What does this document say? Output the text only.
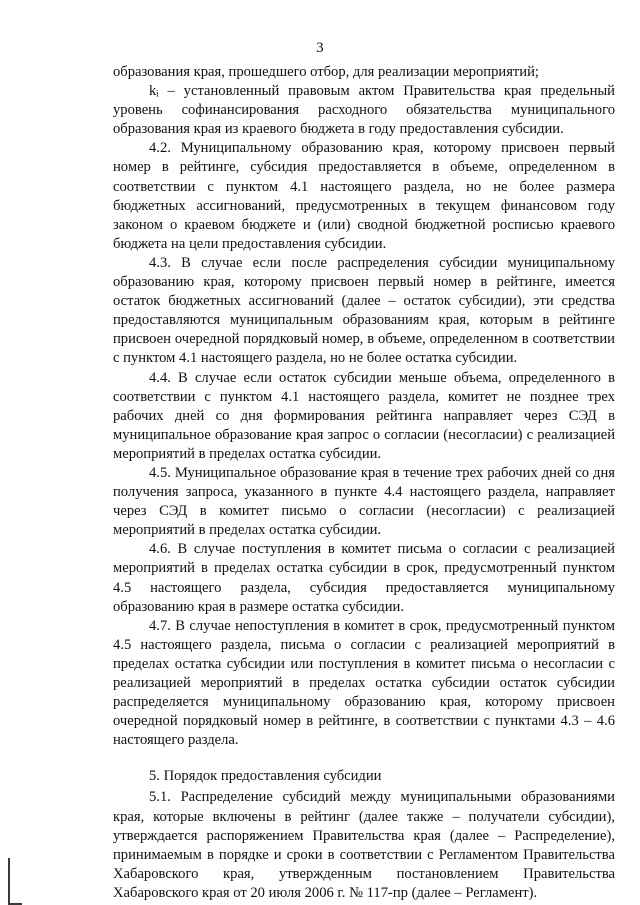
3

образования края, прошедшего отбор, для реализации мероприятий;

kᵢ – установленный правовым актом Правительства края предельный уровень софинансирования расходного обязательства муниципального образования края из краевого бюджета в году предоставления субсидии.

4.2. Муниципальному образованию края, которому присвоен первый номер в рейтинге, субсидия предоставляется в объеме, определенном в соответствии с пунктом 4.1 настоящего раздела, но не более размера бюджетных ассигнований, предусмотренных в текущем финансовом году законом о краевом бюджете и (или) сводной бюджетной росписью краевого бюджета на цели предоставления субсидии.

4.3. В случае если после распределения субсидии муниципальному образованию края, которому присвоен первый номер в рейтинге, имеется остаток бюджетных ассигнований (далее – остаток субсидии), эти средства предоставляются муниципальным образованиям края, которым в рейтинге присвоен очередной порядковый номер, в объеме, определенном в соответствии с пунктом 4.1 настоящего раздела, но не более остатка субсидии.

4.4. В случае если остаток субсидии меньше объема, определенного в соответствии с пунктом 4.1 настоящего раздела, комитет не позднее трех рабочих дней со дня формирования рейтинга направляет через СЭД в муниципальное образование края запрос о согласии (несогласии) с реализацией мероприятий в пределах остатка субсидии.

4.5. Муниципальное образование края в течение трех рабочих дней со дня получения запроса, указанного в пункте 4.4 настоящего раздела, направляет через СЭД в комитет письмо о согласии (несогласии) с реализацией мероприятий в пределах остатка субсидии.

4.6. В случае поступления в комитет письма о согласии с реализацией мероприятий в пределах остатка субсидии в срок, предусмотренный пунктом 4.5 настоящего раздела, субсидия предоставляется муниципальному образованию края в размере остатка субсидии.

4.7. В случае непоступления в комитет в срок, предусмотренный пунктом 4.5 настоящего раздела, письма о согласии с реализацией мероприятий в пределах остатка субсидии или поступления в комитет письма о несогласии с реализацией мероприятий в пределах остатка субсидии остаток субсидии распределяется муниципальному образованию края, которому присвоен очередной порядковый номер в рейтинге, в соответствии с пунктами 4.3 – 4.6 настоящего раздела.

5. Порядок предоставления субсидии

5.1. Распределение субсидий между муниципальными образованиями края, которые включены в рейтинг (далее также – получатели субсидии), утверждается распоряжением Правительства края (далее – Распределение), принимаемым в порядке и сроки в соответствии с Регламентом Правительства Хабаровского края, утвержденным постановлением Правительства Хабаровского края от 20 июля 2006 г. № 117-пр (далее – Регламент).
